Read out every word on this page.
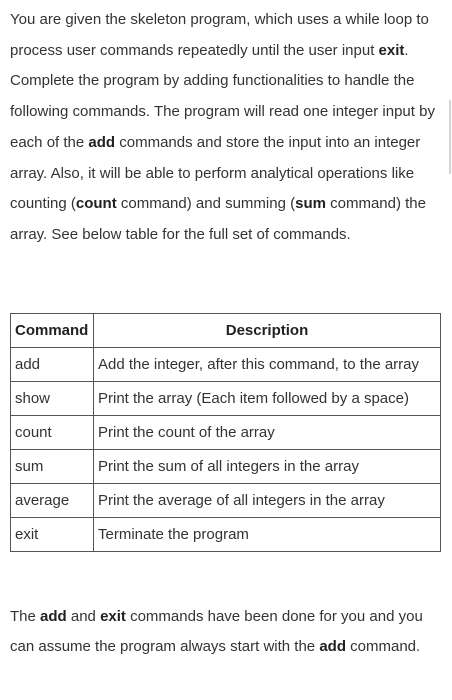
You are given the skeleton program, which uses a while loop to process user commands repeatedly until the user input exit. Complete the program by adding functionalities to handle the following commands. The program will read one integer input by each of the add commands and store the input into an integer array. Also, it will be able to perform analytical operations like counting (count command) and summing (sum command) the array. See below table for the full set of commands.

Command	Description
add	Add the integer, after this command, to the array
show	Print the array (Each item followed by a space)
count	Print the count of the array
sum	Print the sum of all integers in the array
average	Print the average of all integers in the array
exit	Terminate the program

The add and exit commands have been done for you and you can assume the program always start with the add command.
